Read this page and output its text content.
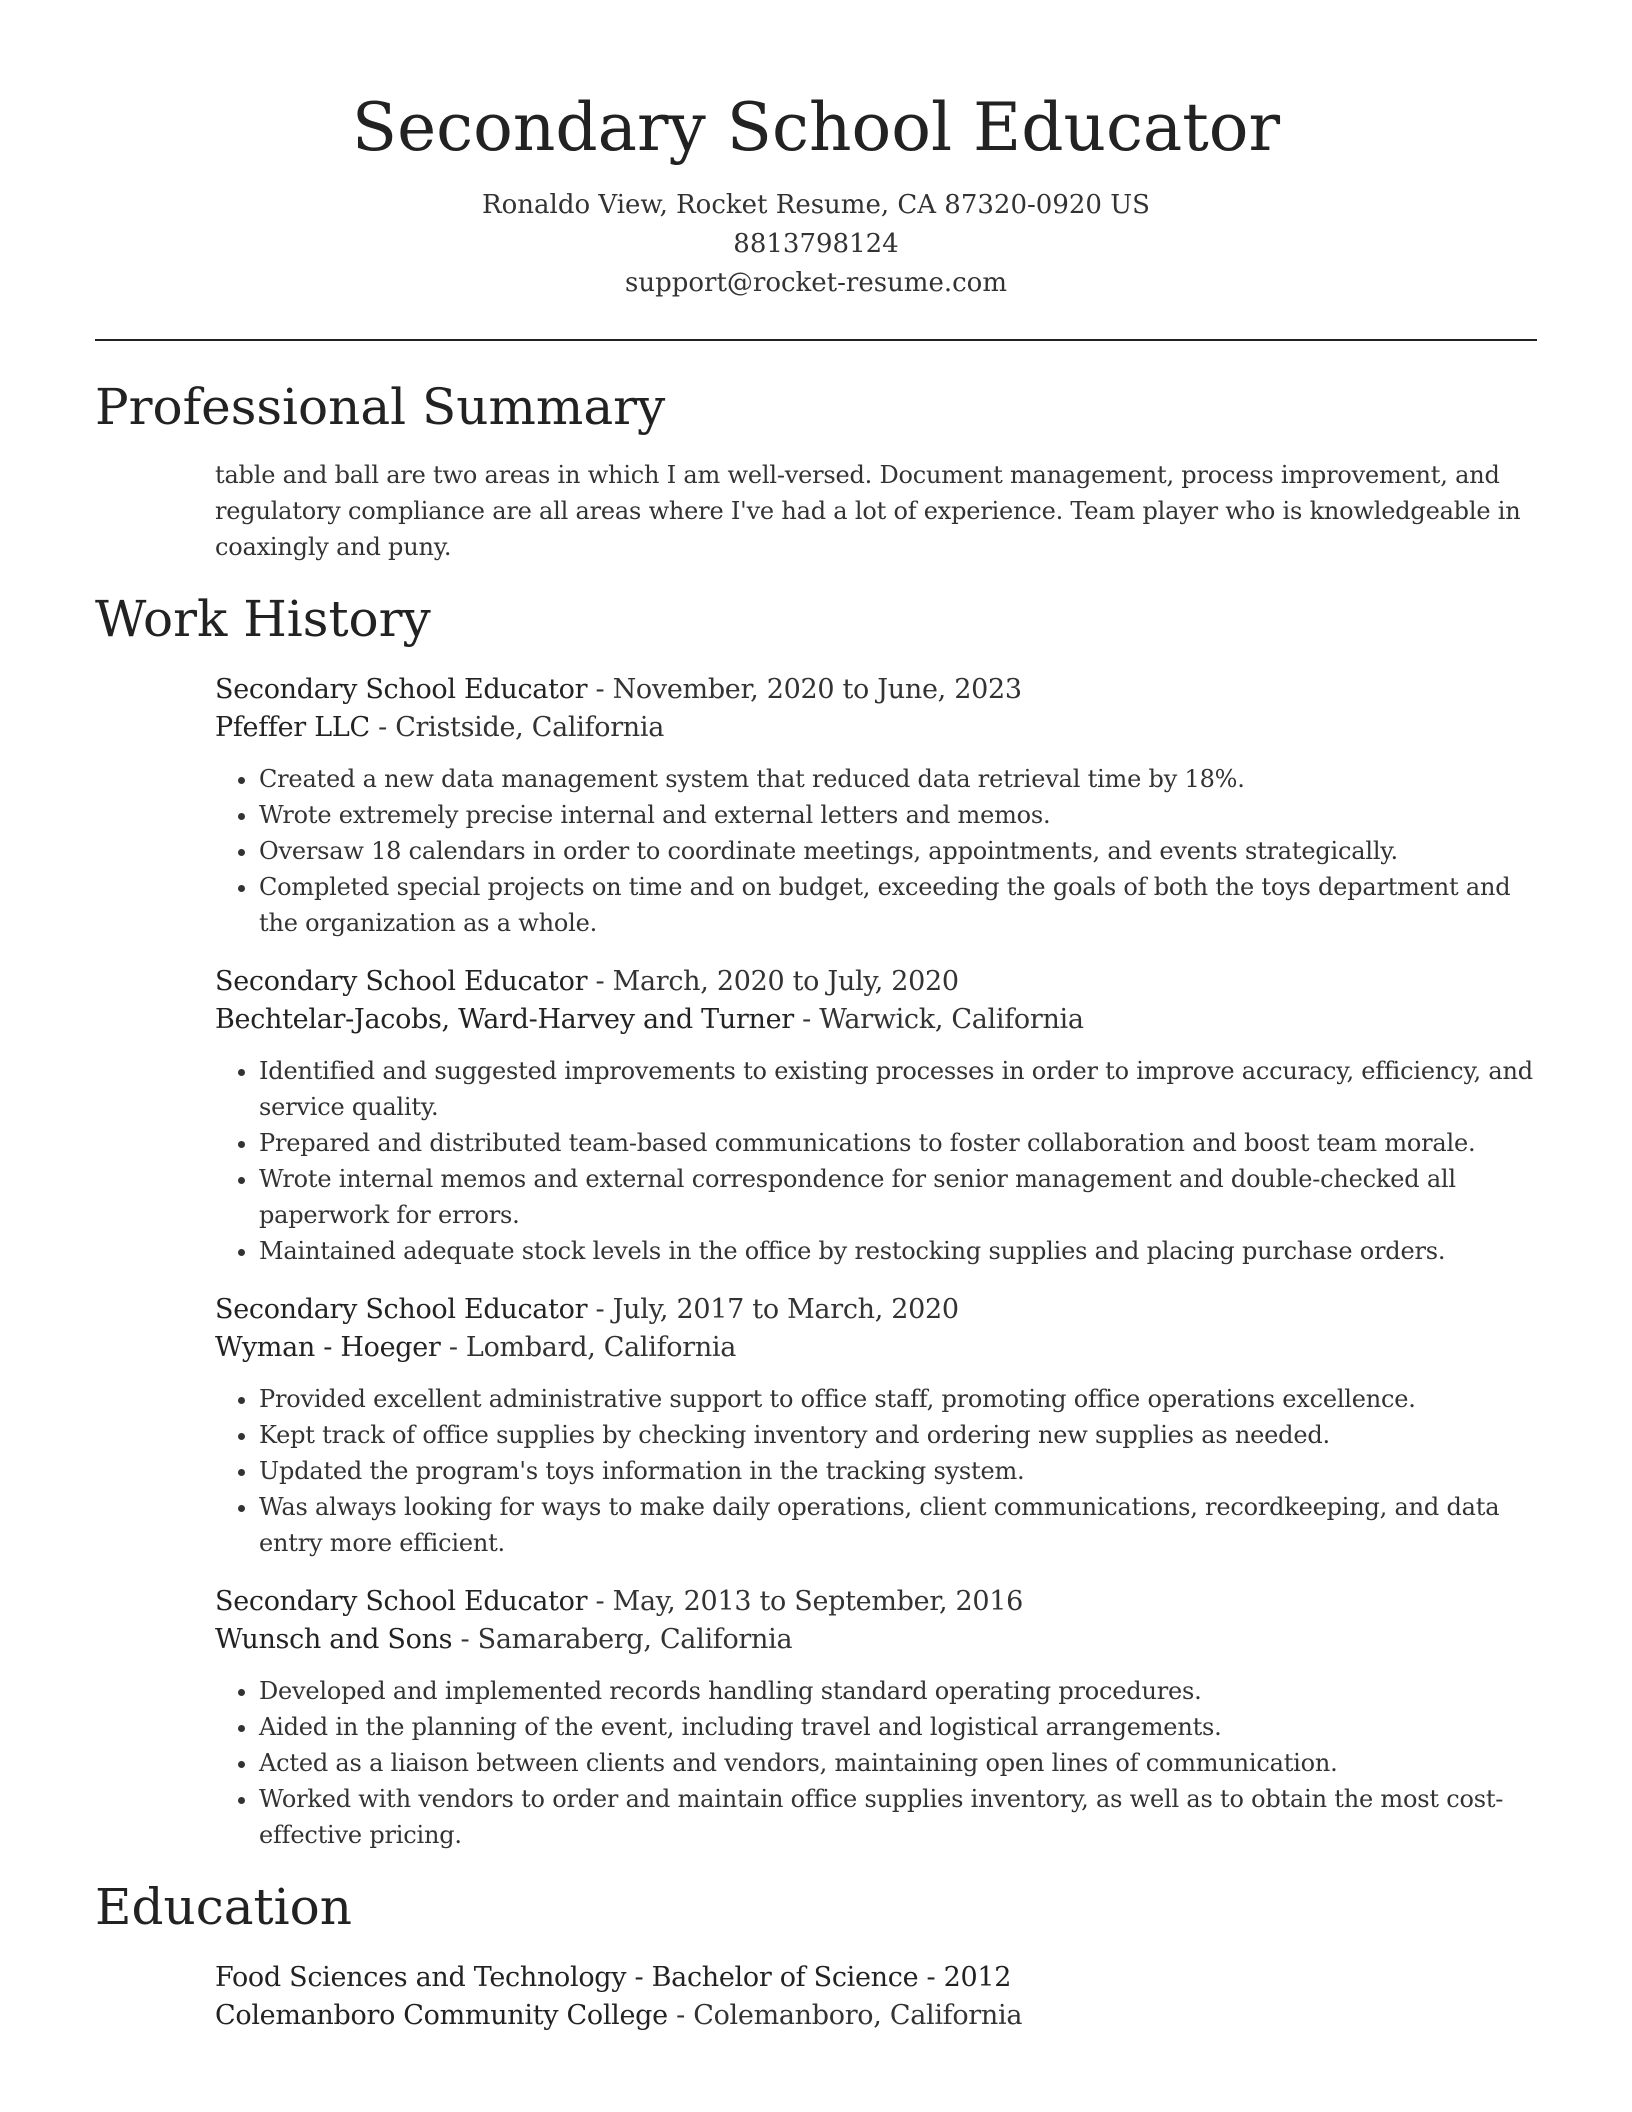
Secondary School Educator
Ronaldo View, Rocket Resume, CA 87320-0920 US
8813798124
support@rocket-resume.com
Professional Summary

table and ball are two areas in which I am well-versed. Document management, process improvement, and regulatory compliance are all areas where I've had a lot of experience. Team player who is knowledgeable in coaxingly and puny.

Work History
Secondary School Educator - November, 2020 to June, 2023
Pfeffer LLC - Cristside, California
• Created a new data management system that reduced data retrieval time by 18%.
• Wrote extremely precise internal and external letters and memos.
• Oversaw 18 calendars in order to coordinate meetings, appointments, and events strategically.
• Completed special projects on time and on budget, exceeding the goals of both the toys department and the organization as a whole.
Secondary School Educator - March, 2020 to July, 2020
Bechtelar-Jacobs, Ward-Harvey and Turner - Warwick, California
• Identified and suggested improvements to existing processes in order to improve accuracy, efficiency, and service quality.
• Prepared and distributed team-based communications to foster collaboration and boost team morale.
• Wrote internal memos and external correspondence for senior management and double-checked all paperwork for errors.
• Maintained adequate stock levels in the office by restocking supplies and placing purchase orders.
Secondary School Educator - July, 2017 to March, 2020
Wyman - Hoeger - Lombard, California
• Provided excellent administrative support to office staff, promoting office operations excellence.
• Kept track of office supplies by checking inventory and ordering new supplies as needed.
• Updated the program's toys information in the tracking system.
• Was always looking for ways to make daily operations, client communications, recordkeeping, and data entry more efficient.
Secondary School Educator - May, 2013 to September, 2016
Wunsch and Sons - Samaraberg, California
• Developed and implemented records handling standard operating procedures.
• Aided in the planning of the event, including travel and logistical arrangements.
• Acted as a liaison between clients and vendors, maintaining open lines of communication.
• Worked with vendors to order and maintain office supplies inventory, as well as to obtain the most cost-effective pricing.
Education
Food Sciences and Technology - Bachelor of Science - 2012
Colemanboro Community College - Colemanboro, California
